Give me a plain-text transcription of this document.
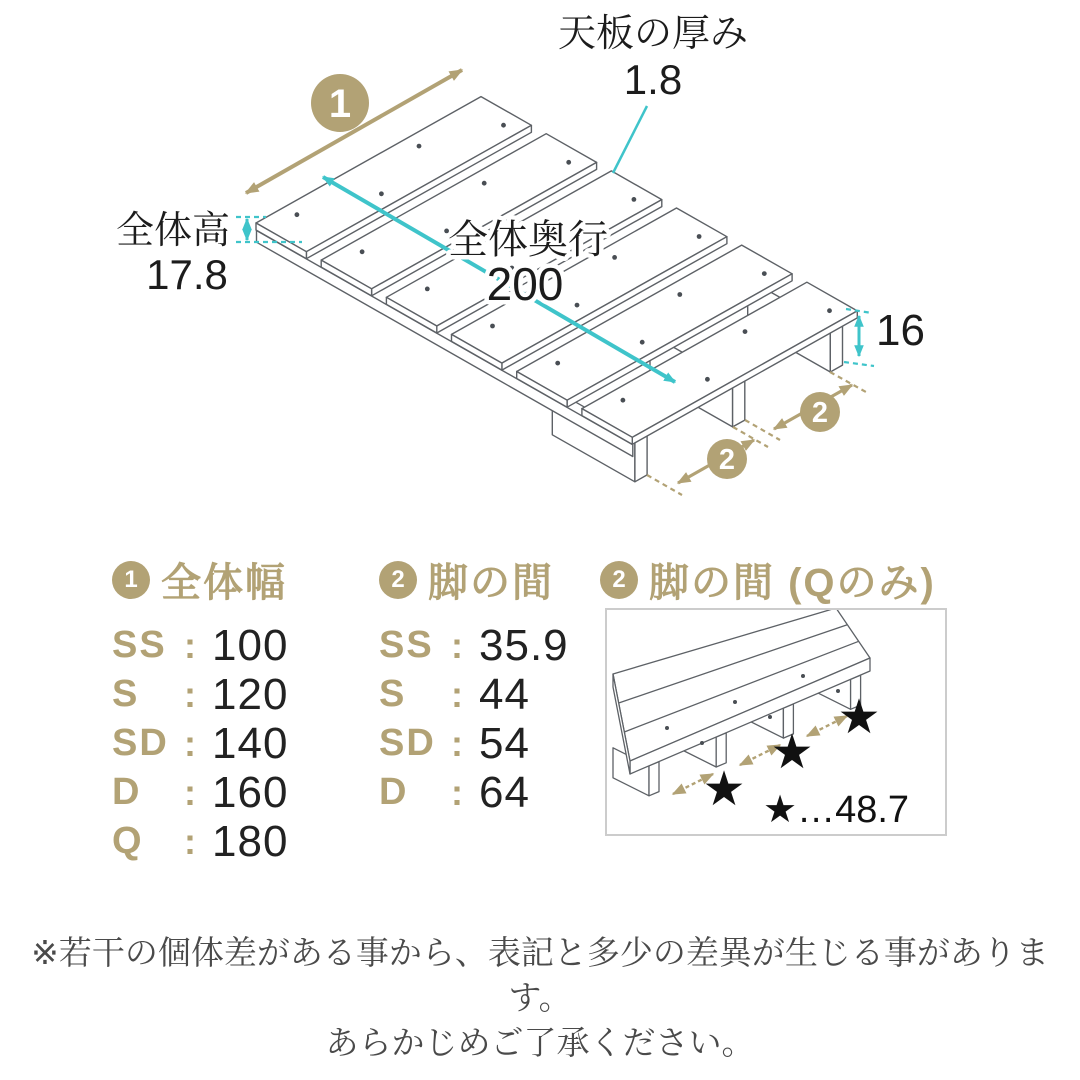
1
天板の厚み
1.8
全体高
17.8
全体奥行
200
16
2
2
1 全体幅
SS : 100
S	: 120
SD : 140
D	: 160
Q	: 180
2 脚の間
SS : 35.9
S	: 44
SD : 54
D	: 64
2 脚の間 (Qのみ)
★
★
★
★…48.7
※若干の個体差がある事から、表記と多少の差異が生じる事があります。
あらかじめご了承ください。
